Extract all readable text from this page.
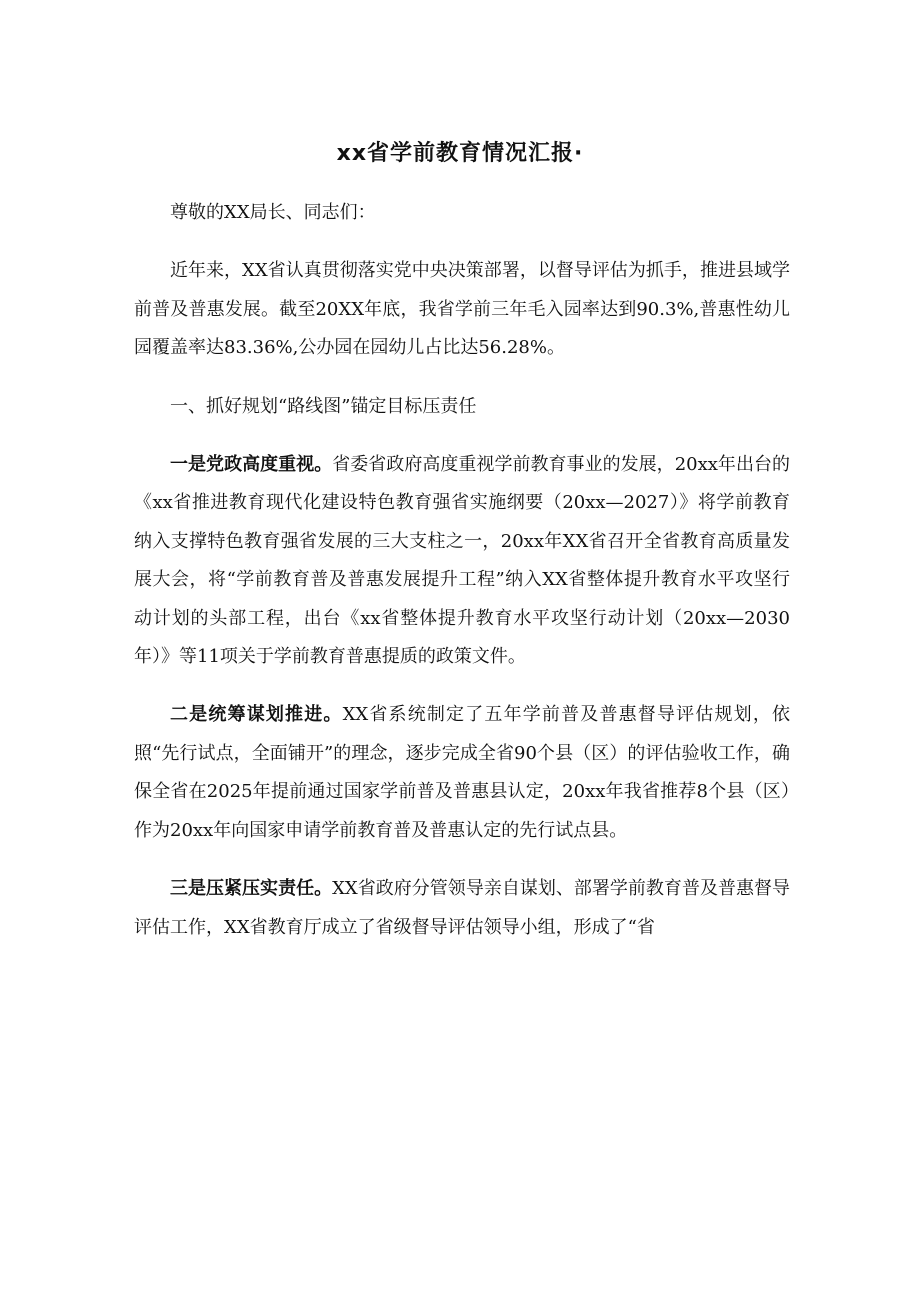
xx省学前教育情况汇报·

尊敬的XX局长、同志们：

近年来，XX省认真贯彻落实党中央决策部署，以督导评估为抓手，推进县域学前普及普惠发展。截至20XX年底，我省学前三年毛入园率达到90.3%,普惠性幼儿园覆盖率达83.36%,公办园在园幼儿占比达56.28%。

一、抓好规划“路线图”锚定目标压责任

一是党政高度重视。省委省政府高度重视学前教育事业的发展，20xx年出台的《xx省推进教育现代化建设特色教育强省实施纲要（20xx—2027）》将学前教育纳入支撑特色教育强省发展的三大支柱之一，20xx年XX省召开全省教育高质量发展大会，将“学前教育普及普惠发展提升工程”纳入XX省整体提升教育水平攻坚行动计划的头部工程，出台《xx省整体提升教育水平攻坚行动计划（20xx—2030年）》等11项关于学前教育普惠提质的政策文件。

二是统筹谋划推进。XX省系统制定了五年学前普及普惠督导评估规划，依照“先行试点，全面铺开”的理念，逐步完成全省90个县（区）的评估验收工作，确保全省在2025年提前通过国家学前普及普惠县认定，20xx年我省推荐8个县（区）作为20xx年向国家申请学前教育普及普惠认定的先行试点县。

三是压紧压实责任。XX省政府分管领导亲自谋划、部署学前教育普及普惠督导评估工作，XX省教育厅成立了省级督导评估领导小组，形成了“省
